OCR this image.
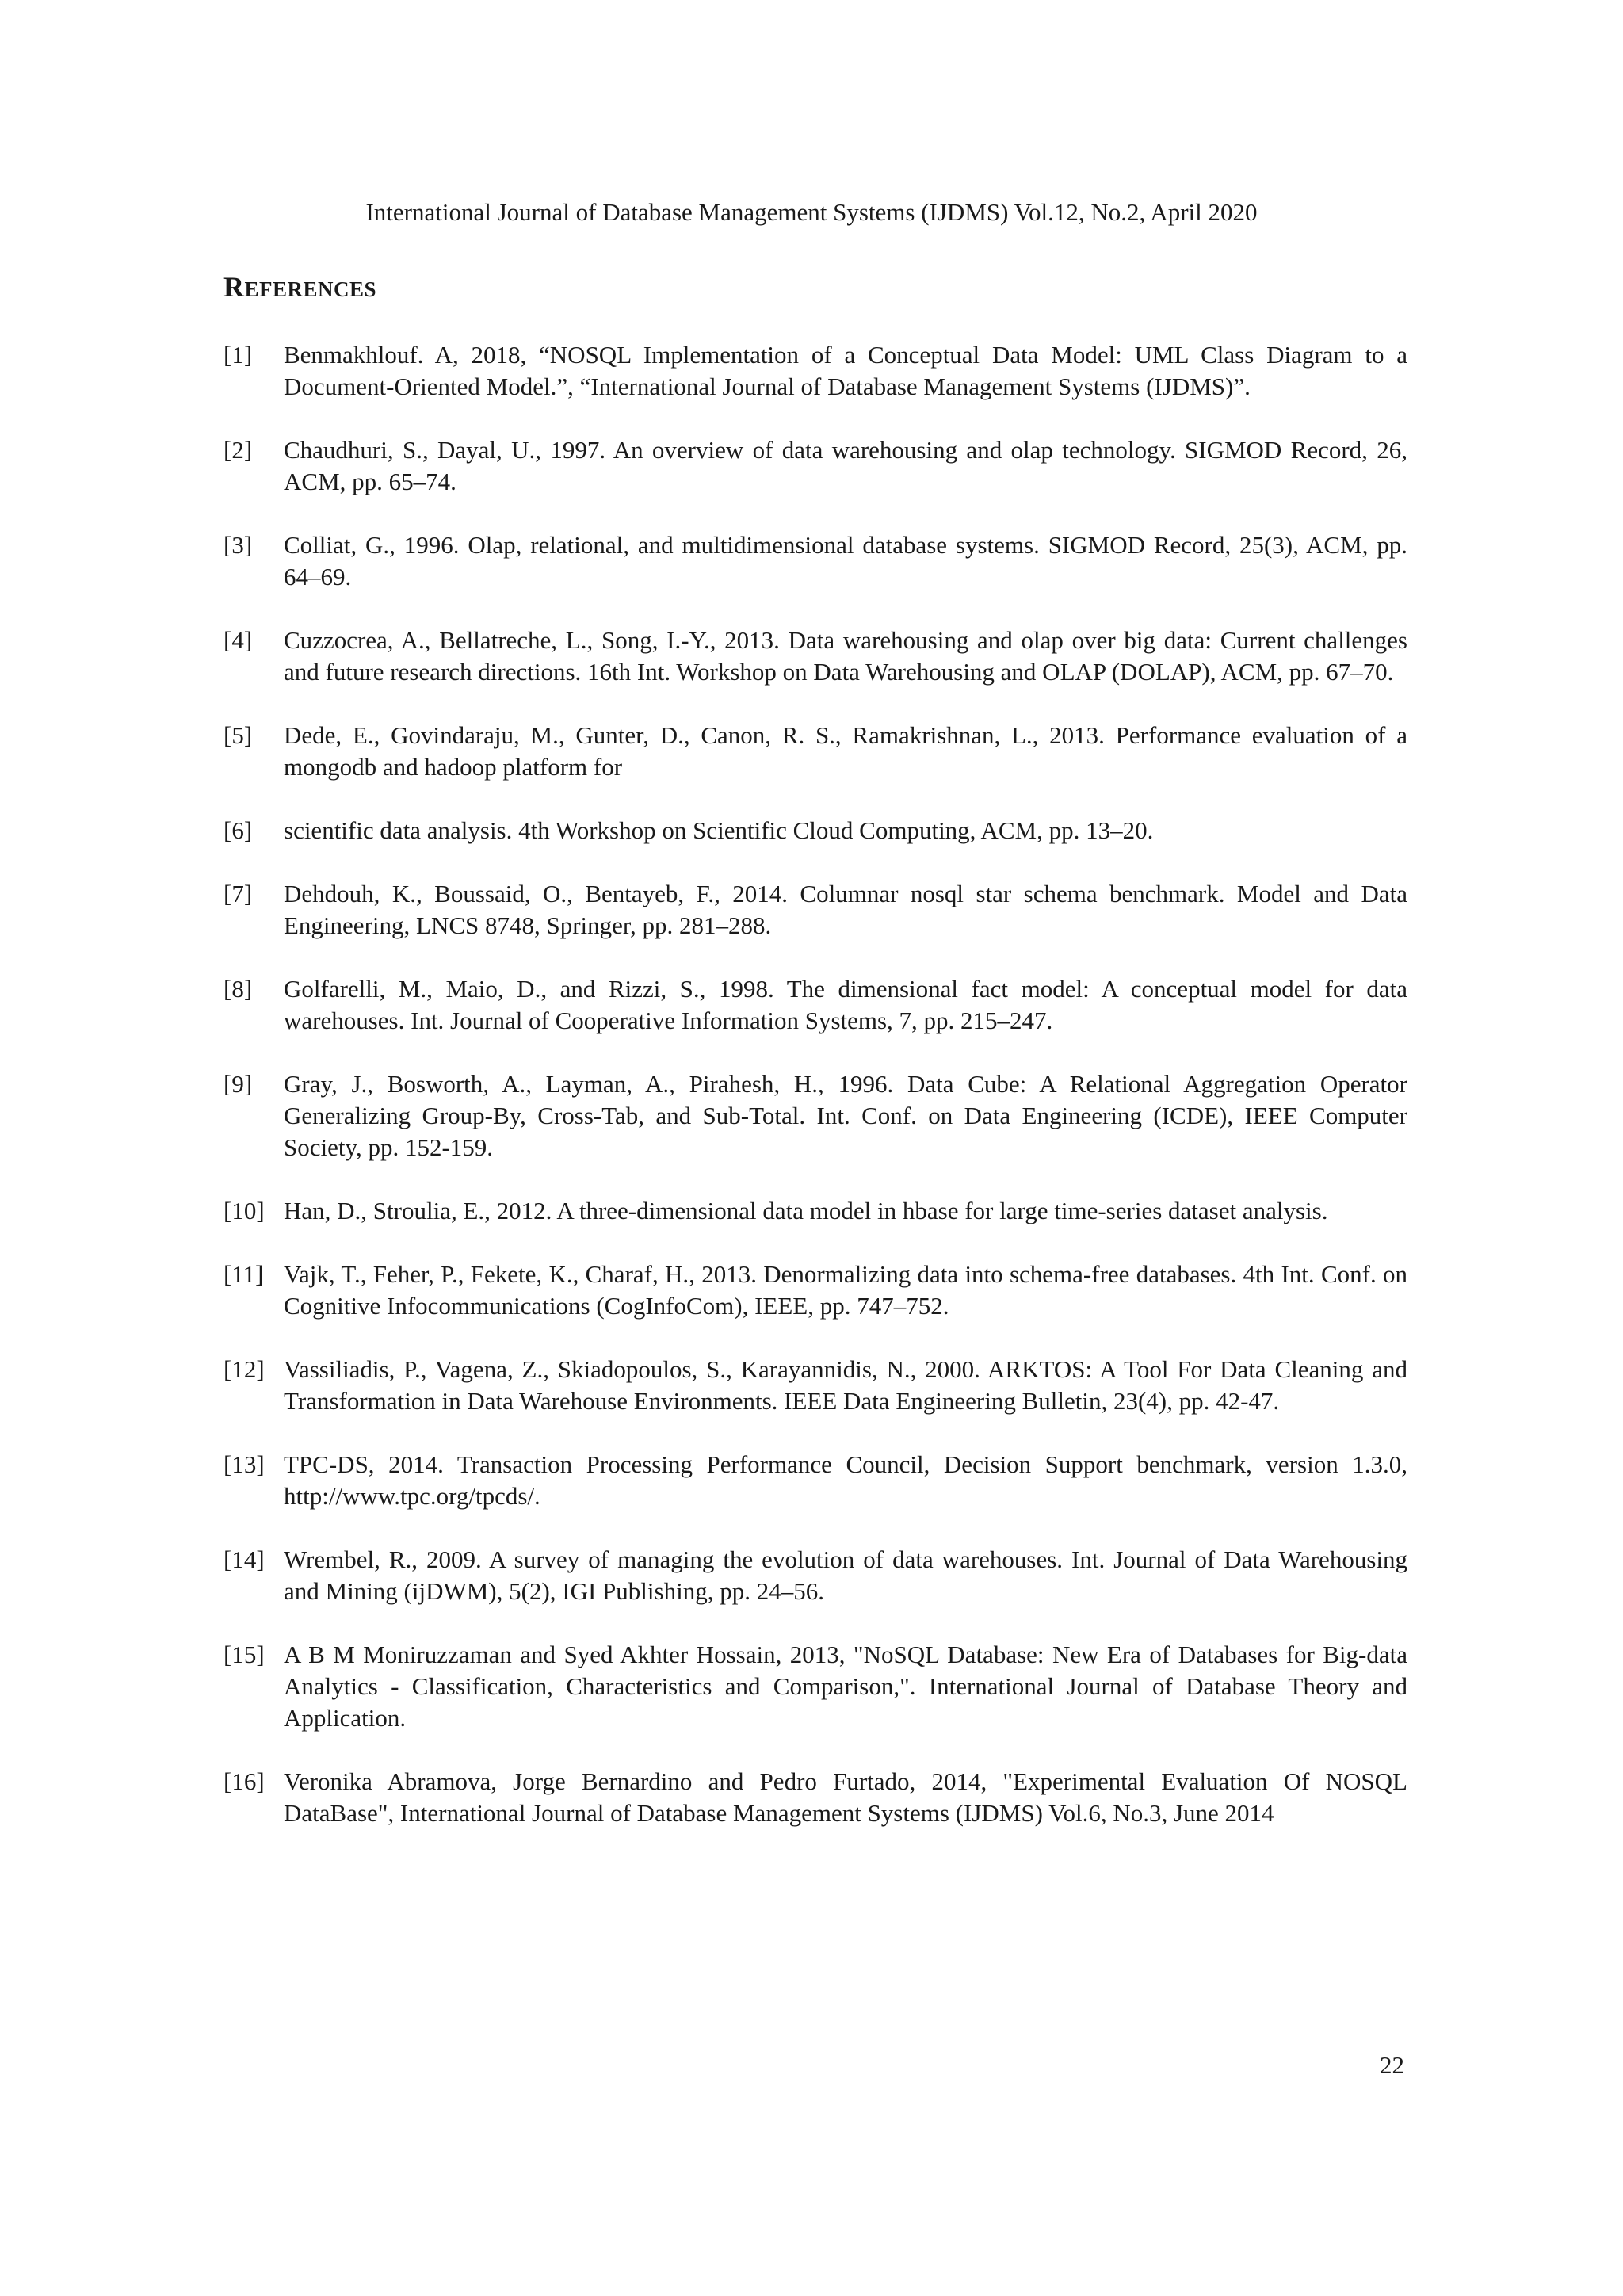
International Journal of Database Management Systems (IJDMS) Vol.12, No.2, April 2020
REFERENCES
[1] Benmakhlouf. A, 2018, “NOSQL Implementation of a Conceptual Data Model: UML Class Diagram to a Document-Oriented Model.”, “International Journal of Database Management Systems (IJDMS)”.
[2] Chaudhuri, S., Dayal, U., 1997. An overview of data warehousing and olap technology. SIGMOD Record, 26, ACM, pp. 65–74.
[3] Colliat, G., 1996. Olap, relational, and multidimensional database systems. SIGMOD Record, 25(3), ACM, pp. 64–69.
[4] Cuzzocrea, A., Bellatreche, L., Song, I.-Y., 2013. Data warehousing and olap over big data: Current challenges and future research directions. 16th Int. Workshop on Data Warehousing and OLAP (DOLAP), ACM, pp. 67–70.
[5] Dede, E., Govindaraju, M., Gunter, D., Canon, R. S., Ramakrishnan, L., 2013. Performance evaluation of a mongodb and hadoop platform for
[6] scientific data analysis. 4th Workshop on Scientific Cloud Computing, ACM, pp. 13–20.
[7] Dehdouh, K., Boussaid, O., Bentayeb, F., 2014. Columnar nosql star schema benchmark. Model and Data Engineering, LNCS 8748, Springer, pp. 281–288.
[8] Golfarelli, M., Maio, D., and Rizzi, S., 1998. The dimensional fact model: A conceptual model for data warehouses. Int. Journal of Cooperative Information Systems, 7, pp. 215–247.
[9] Gray, J., Bosworth, A., Layman, A., Pirahesh, H., 1996. Data Cube: A Relational Aggregation Operator Generalizing Group-By, Cross-Tab, and Sub-Total. Int. Conf. on Data Engineering (ICDE), IEEE Computer Society, pp. 152-159.
[10] Han, D., Stroulia, E., 2012. A three-dimensional data model in hbase for large time-series dataset analysis.
[11] Vajk, T., Feher, P., Fekete, K., Charaf, H., 2013. Denormalizing data into schema-free databases. 4th Int. Conf. on Cognitive Infocommunications (CogInfoCom), IEEE, pp. 747–752.
[12] Vassiliadis, P., Vagena, Z., Skiadopoulos, S., Karayannidis, N., 2000. ARKTOS: A Tool For Data Cleaning and Transformation in Data Warehouse Environments. IEEE Data Engineering Bulletin, 23(4), pp. 42-47.
[13] TPC-DS, 2014. Transaction Processing Performance Council, Decision Support benchmark, version 1.3.0, http://www.tpc.org/tpcds/.
[14] Wrembel, R., 2009. A survey of managing the evolution of data warehouses. Int. Journal of Data Warehousing and Mining (ijDWM), 5(2), IGI Publishing, pp. 24–56.
[15] A B M Moniruzzaman and Syed Akhter Hossain, 2013, "NoSQL Database: New Era of Databases for Big-data Analytics - Classification, Characteristics and Comparison,". International Journal of Database Theory and Application.
[16] Veronika Abramova, Jorge Bernardino and Pedro Furtado, 2014, "Experimental Evaluation Of NOSQL DataBase", International Journal of Database Management Systems (IJDMS) Vol.6, No.3, June 2014
22
